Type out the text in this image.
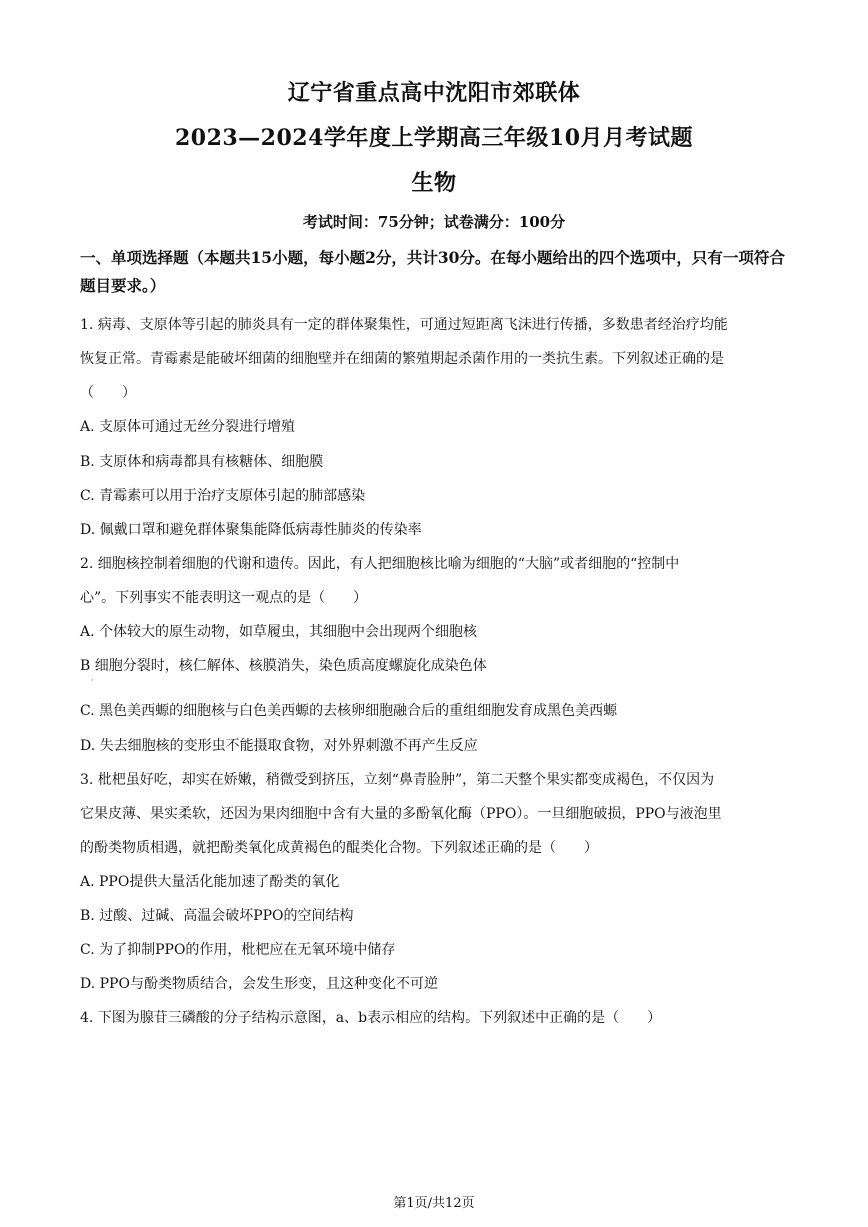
辽宁省重点高中沈阳市郊联体
2023—2024学年度上学期高三年级10月月考试题
生物
考试时间：75分钟；试卷满分：100分
一、单项选择题（本题共15小题，每小题2分，共计30分。在每小题给出的四个选项中，只有一项符合题目要求。）
1. 病毒、支原体等引起的肺炎具有一定的群体聚集性，可通过短距离飞沫进行传播，多数患者经治疗均能
恢复正常。青霉素是能破坏细菌的细胞壁并在细菌的繁殖期起杀菌作用的一类抗生素。下列叙述正确的是
（　　）
A. 支原体可通过无丝分裂进行增殖
B. 支原体和病毒都具有核糖体、细胞膜
C. 青霉素可以用于治疗支原体引起的肺部感染
D. 佩戴口罩和避免群体聚集能降低病毒性肺炎的传染率
2. 细胞核控制着细胞的代谢和遗传。因此，有人把细胞核比喻为细胞的“大脑”或者细胞的“控制中
心”。下列事实不能表明这一观点的是（　　）
A. 个体较大的原生动物，如草履虫，其细胞中会出现两个细胞核
B 细胞分裂时，核仁解体、核膜消失，染色质高度螺旋化成染色体
·
C. 黑色美西螈的细胞核与白色美西螈的去核卵细胞融合后的重组细胞发育成黑色美西螈
D. 失去细胞核的变形虫不能摄取食物，对外界刺激不再产生反应
3. 枇杷虽好吃，却实在娇嫩，稍微受到挤压，立刻“鼻青脸肿”，第二天整个果实都变成褐色，不仅因为
它果皮薄、果实柔软，还因为果肉细胞中含有大量的多酚氧化酶（PPO）。一旦细胞破损，PPO与液泡里
的酚类物质相遇，就把酚类氧化成黄褐色的醌类化合物。下列叙述正确的是（　　）
A. PPO提供大量活化能加速了酚类的氧化
B. 过酸、过碱、高温会破坏PPO的空间结构
C. 为了抑制PPO的作用，枇杷应在无氧环境中储存
D. PPO与酚类物质结合，会发生形变，且这种变化不可逆
4. 下图为腺苷三磷酸的分子结构示意图，a、b表示相应的结构。下列叙述中正确的是（　　）
第1页/共12页
